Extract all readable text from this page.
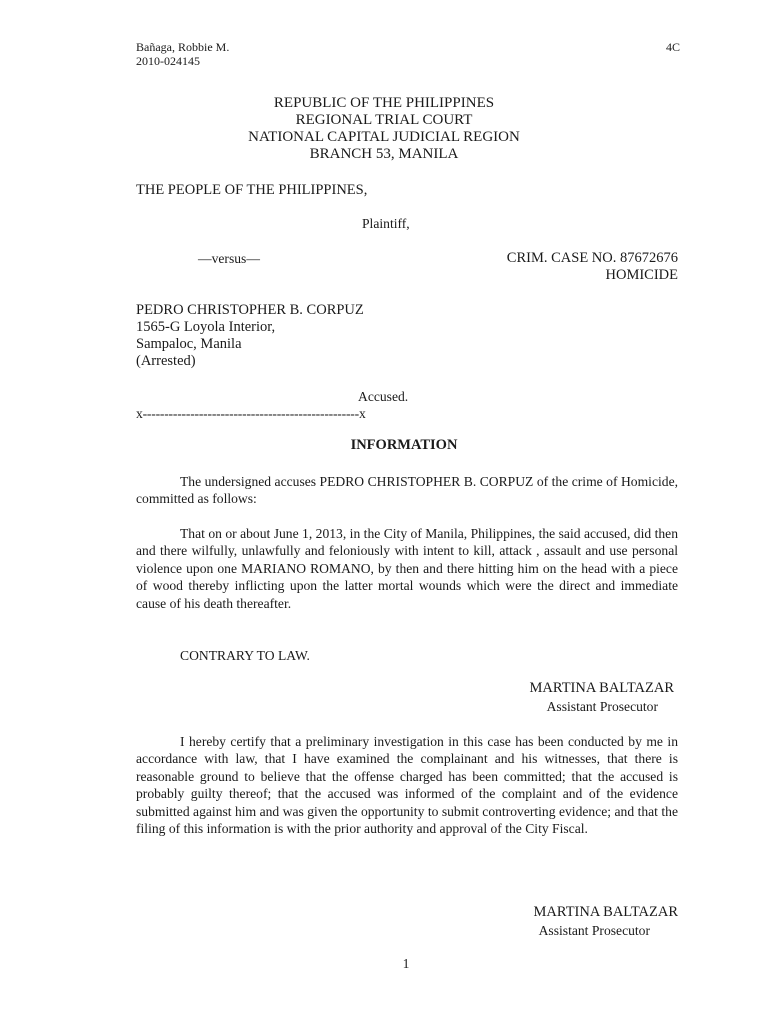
Bañaga, Robbie M.
2010-024145
4C
REPUBLIC OF THE PHILIPPINES
REGIONAL TRIAL COURT
NATIONAL CAPITAL JUDICIAL REGION
BRANCH 53, MANILA
THE PEOPLE OF THE PHILIPPINES,
Plaintiff,
—versus—	CRIM. CASE NO. 87672676
HOMICIDE
PEDRO CHRISTOPHER B. CORPUZ
1565-G Loyola Interior,
Sampaloc, Manila
(Arrested)
Accused.
x--------------------------------------------------x
INFORMATION
The undersigned accuses PEDRO CHRISTOPHER B. CORPUZ of the crime of Homicide, committed as follows:
That on or about June 1, 2013, in the City of Manila, Philippines, the said accused, did then and there wilfully, unlawfully and feloniously with intent to kill, attack , assault and use personal violence upon one MARIANO ROMANO, by then and there hitting him on the head with a piece of wood thereby inflicting upon the latter mortal wounds which were the direct and immediate cause of his death thereafter.
CONTRARY TO LAW.
MARTINA BALTAZAR
Assistant Prosecutor
I hereby certify that a preliminary investigation in this case has been conducted by me in accordance with law, that I have examined the complainant and his witnesses, that there is reasonable ground to believe that the offense charged has been committed; that the accused is probably guilty thereof; that the accused was informed of the complaint and of the evidence submitted against him and was given the opportunity to submit controverting evidence; and that the filing of this information is with the prior authority and approval of the City Fiscal.
MARTINA BALTAZAR
Assistant Prosecutor
1
